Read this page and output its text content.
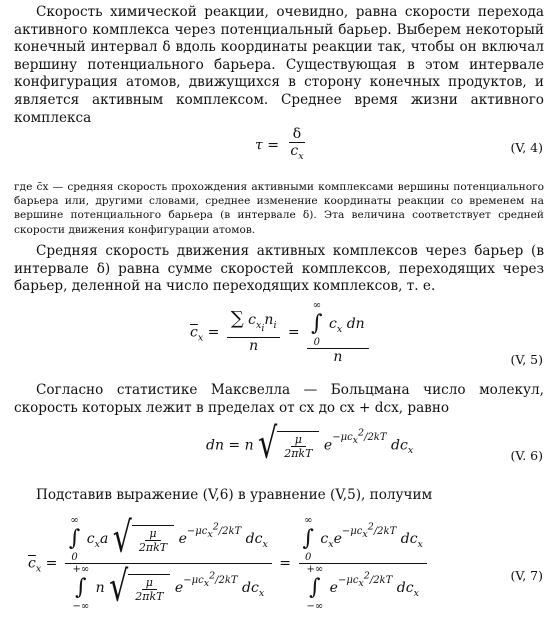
Скорость химической реакции, очевидно, равна скорости перехода активного комплекса через потенциальный барьер. Выберем некоторый конечный интервал δ вдоль координаты реакции так, чтобы он включал вершину потенциального барьера. Существующая в этом интервале конфигурация атомов, движущихся в сторону конечных продуктов, и является активным комплексом. Среднее время жизни активного комплекса

$\tau = \frac{\delta}{\overline{c}_x}$	(V, 4)

где c̄x — средняя скорость прохождения активными комплексами вершины потенциального барьера или, другими словами, среднее изменение координаты реакции со временем на вершине потенциального барьера (в интервале δ). Эта величина соответствует средней скорости движения конфигурации атомов.

Средняя скорость движения активных комплексов через барьер (в интервале δ) равна сумме скоростей комплексов, переходящих через барьер, деленной на число переходящих комплексов, т. е.

$\overline{c}_x = \frac{\sum c_{x_i}n_i}{n}$ = ∞
∫
0
$c_x$ dn
n	(V, 5)

Согласно статистике Максвелла — Больцмана число молекул, скорость которых лежит в пределах от cx до cx + dcx, равно

dn = n √ $\frac{\mu}{\text{2πkT}} e^{-\mu c_x^2/2kT}$ $dc_x$	(V. 6)

Подставив выражение (V,6) в уравнение (V,5), получим

$\overline{c}_x$ = ∞
∫
0
$c_xa$ √ $\frac{\mu}{\text{2πkT}} e^{-\mu c_x^2/2kT}$ $dc_x$
+∞
∫
−∞
n √ $\frac{\mu}{\text{2πkT}} e^{-\mu c_x^2/2kT}$ $dc_x$ = ∞
∫
0
$c_xe^{-\mu c_x^2/2kT}$ $dc_x$
+∞
∫
−∞
$e^{-\mu c_x^2/2kT}$ $dc_x$	(V, 7)
